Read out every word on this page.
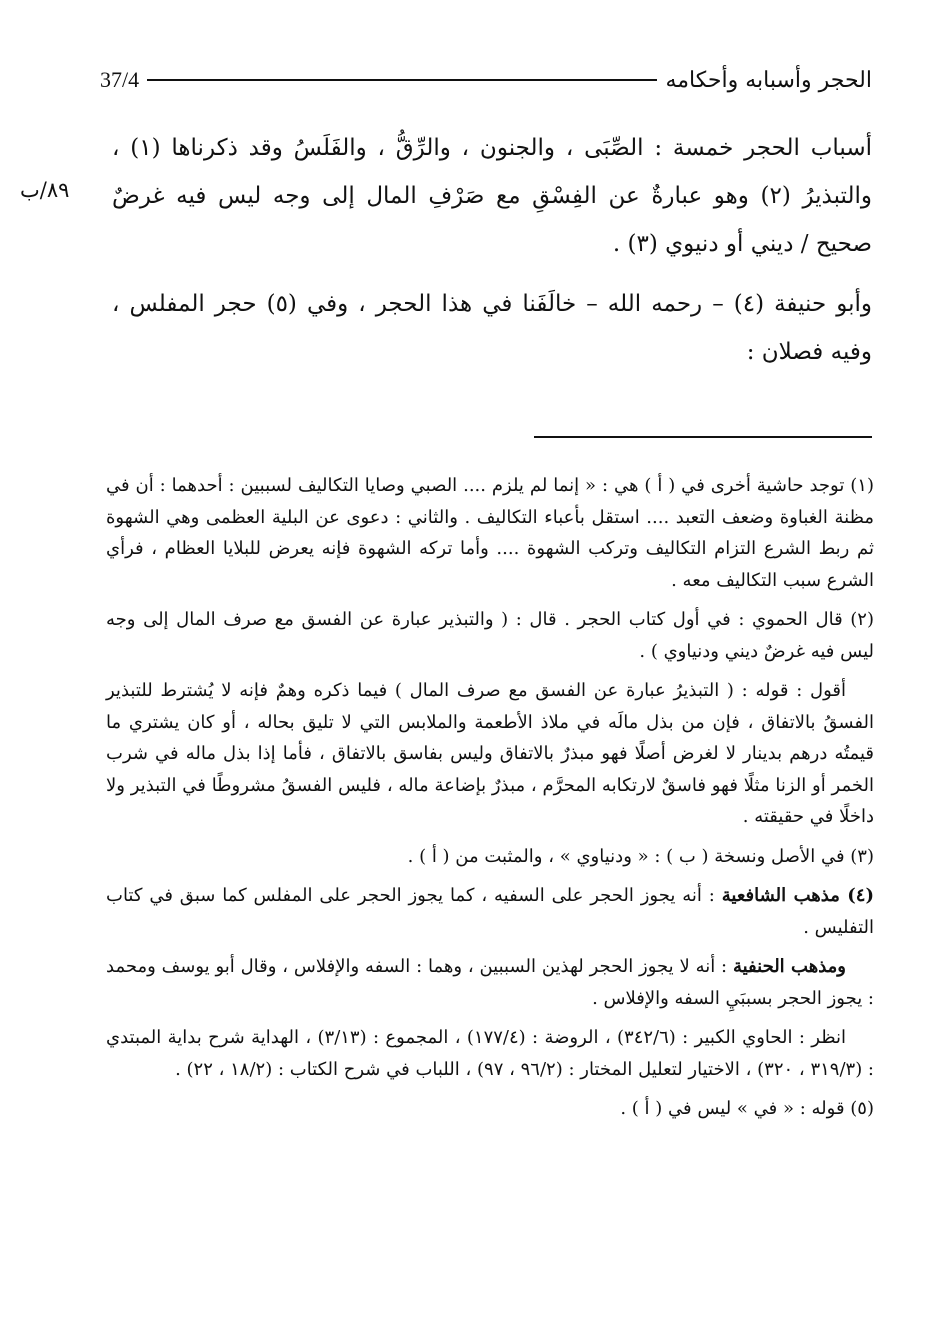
الحجر وأسبابه وأحكامه
37/4
٨٩/ب

أسباب الحجر خمسة : الصِّبَى ، والجنون ، والرِّقُّ ، والفَلَسُ وقد ذكرناها (١) ، والتبذيرُ (٢) وهو عبارةٌ عن الفِسْقِ مع صَرْفِ المال إلى وجه ليس فيه غرضٌ صحيح / ديني أو دنيوي (٣) .

وأبو حنيفة (٤) – رحمه الله – خالَفَنا في هذا الحجر ، وفي (٥) حجر المفلس ، وفيه فصلان :

(١) توجد حاشية أخرى في ( أ ) هي : « إنما لم يلزم .... الصبي وصايا التكاليف لسببين : أحدهما : أن في مظنة الغباوة وضعف التعبد .... استقل بأعباء التكاليف . والثاني : دعوى عن البلية العظمى وهي الشهوة ثم ربط الشرع التزام التكاليف وتركب الشهوة .... وأما تركه الشهوة فإنه يعرض للبلايا العظام ، فرأي الشرع سبب التكاليف معه .

(٢) قال الحموي : في أول كتاب الحجر . قال : ( والتبذير عبارة عن الفسق مع صرف المال إلى وجه ليس فيه غرضٌ ديني ودنياوي ) .

أقول : قوله : ( التبذيرُ عبارة عن الفسق مع صرف المال ) فيما ذكره وهمٌ فإنه لا يُشترط للتبذير الفسقُ بالاتفاق ، فإن من بذل مالَه في ملاذ الأطعمة والملابس التي لا تليق بحاله ، أو كان يشتري ما قيمتُه درهم بدينار لا لغرض أصلًا فهو مبذرٌ بالاتفاق وليس بفاسق بالاتفاق ، فأما إذا بذل ماله في شرب الخمر أو الزنا مثلًا فهو فاسقٌ لارتكابه المحرَّم ، مبذرٌ بإضاعة ماله ، فليس الفسقُ مشروطًا في التبذير ولا داخلًا في حقيقته .

(٣) في الأصل ونسخة ( ب ) : « ودنياوي » ، والمثبت من ( أ ) .

(٤) مذهب الشافعية : أنه يجوز الحجر على السفيه ، كما يجوز الحجر على المفلس كما سبق في كتاب التفليس .

ومذهب الحنفية : أنه لا يجوز الحجر لهذين السببين ، وهما : السفه والإفلاس ، وقال أبو يوسف ومحمد : يجوز الحجر بسببَيِ السفه والإفلاس .

انظر : الحاوي الكبير : (٣٤٢/٦) ، الروضة : (١٧٧/٤) ، المجموع : (٣/١٣) ، الهداية شرح بداية المبتدي : (٣١٩/٣ ، ٣٢٠) ، الاختيار لتعليل المختار : (٩٦/٢ ، ٩٧) ، اللباب في شرح الكتاب : (١٨/٢ ، ٢٢) .

(٥) قوله : « في » ليس في ( أ ) .
